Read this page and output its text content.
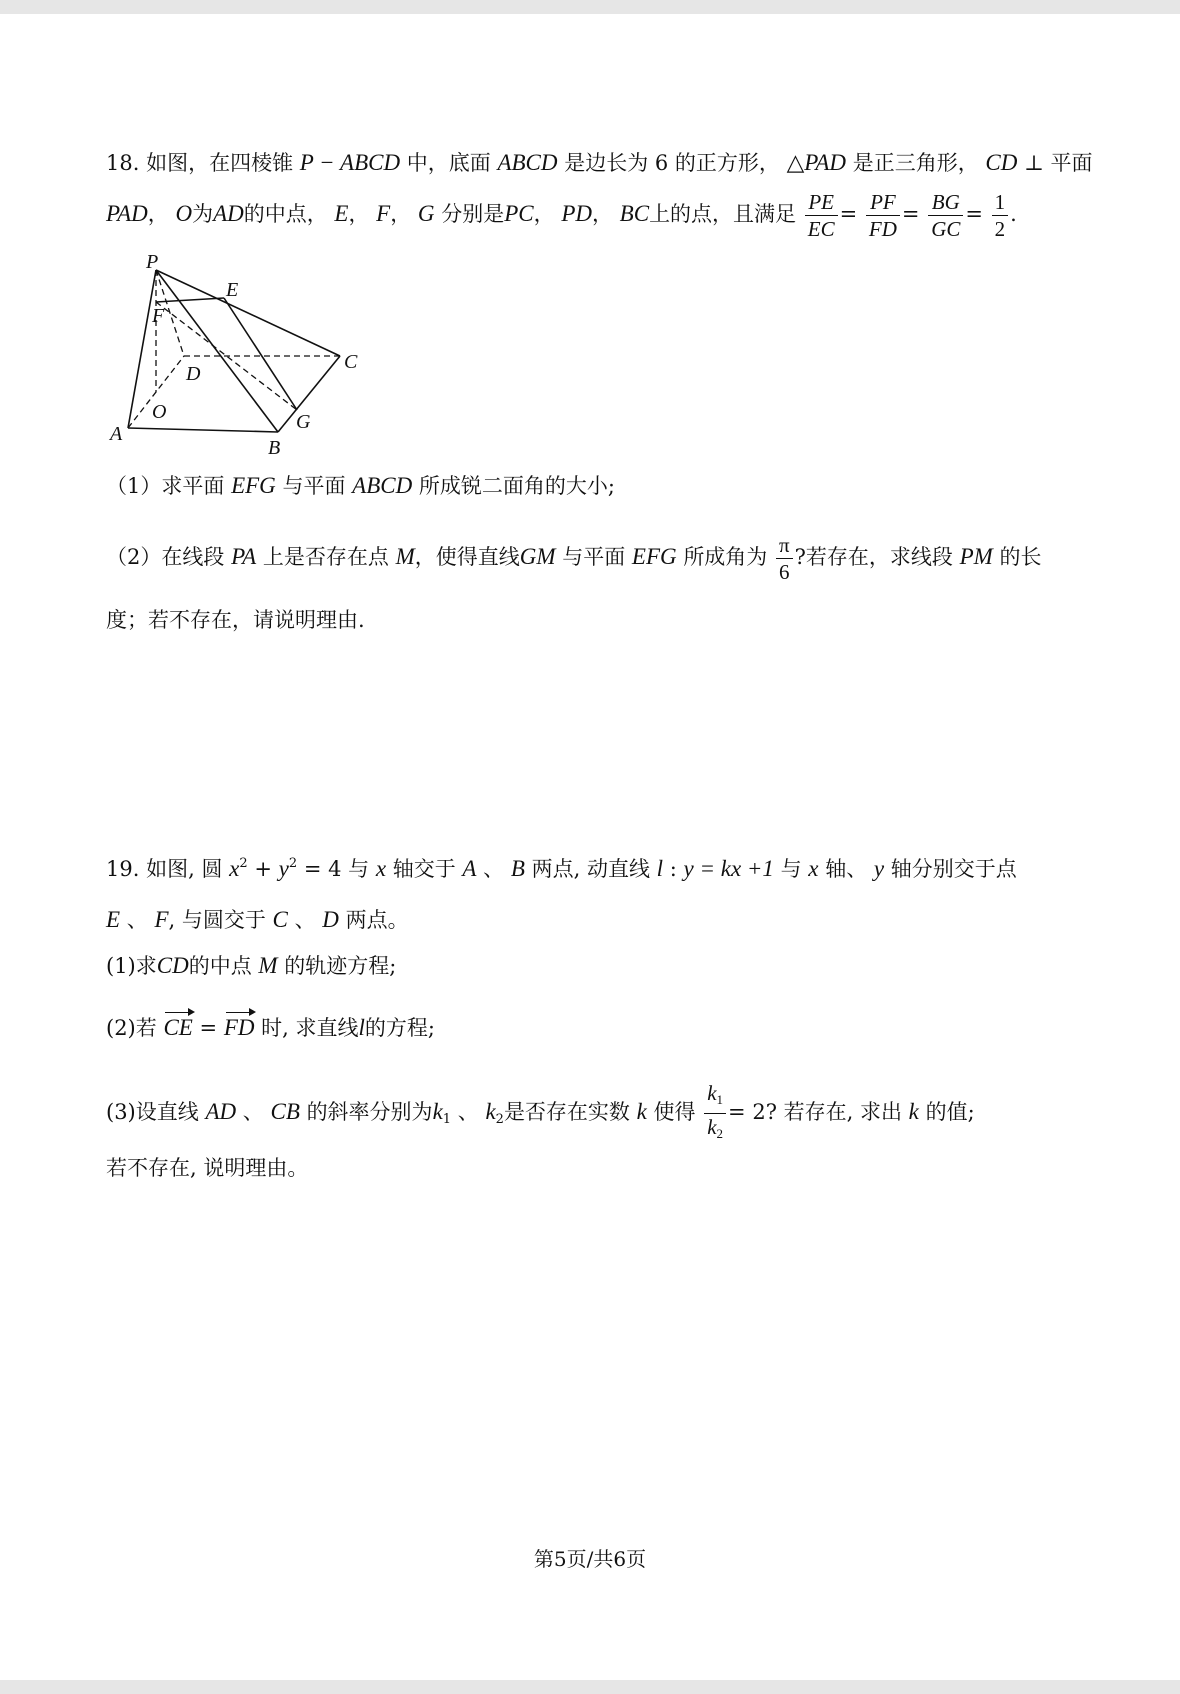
18. 如图，在四棱锥 P − ABCD 中，底面 ABCD 是边长为 6 的正方形， △PAD 是正三角形， CD ⊥ 平面
PAD， O为AD的中点， E， F， G 分别是PC， PD， BC上的点，且满足 $\frac{PE}{EC} = \frac{PF}{FD} = \frac{BG}{GC} = \frac{1}{2}$ .
P
E
F
C
D
O
A
B
G
（1）求平面 EFG 与平面 ABCD 所成锐二面角的大小;
（2）在线段 PA 上是否存在点 M，使得直线GM 与平面 EFG 所成角为 $\frac{\pi}{6}$ ?若存在，求线段 PM 的长
度；若不存在，请说明理由.
19. 如图, 圆 $x^2 + y^2 = 4$ 与 x 轴交于 A 、 B 两点, 动直线 l : y = kx +1 与 x 轴、 y 轴分别交于点
E 、 F, 与圆交于 C 、 D 两点。
(1)求CD的中点 M 的轨迹方程;
(2)若 CE = FD 时, 求直线l的方程;
(3)设直线 AD 、 CB 的斜率分别为$k_1$ 、 $k_2$是否存在实数 k 使得 $\frac{k_1}{k_2} = 2$? 若存在, 求出 k 的值;
若不存在, 说明理由。
第5页/共6页
